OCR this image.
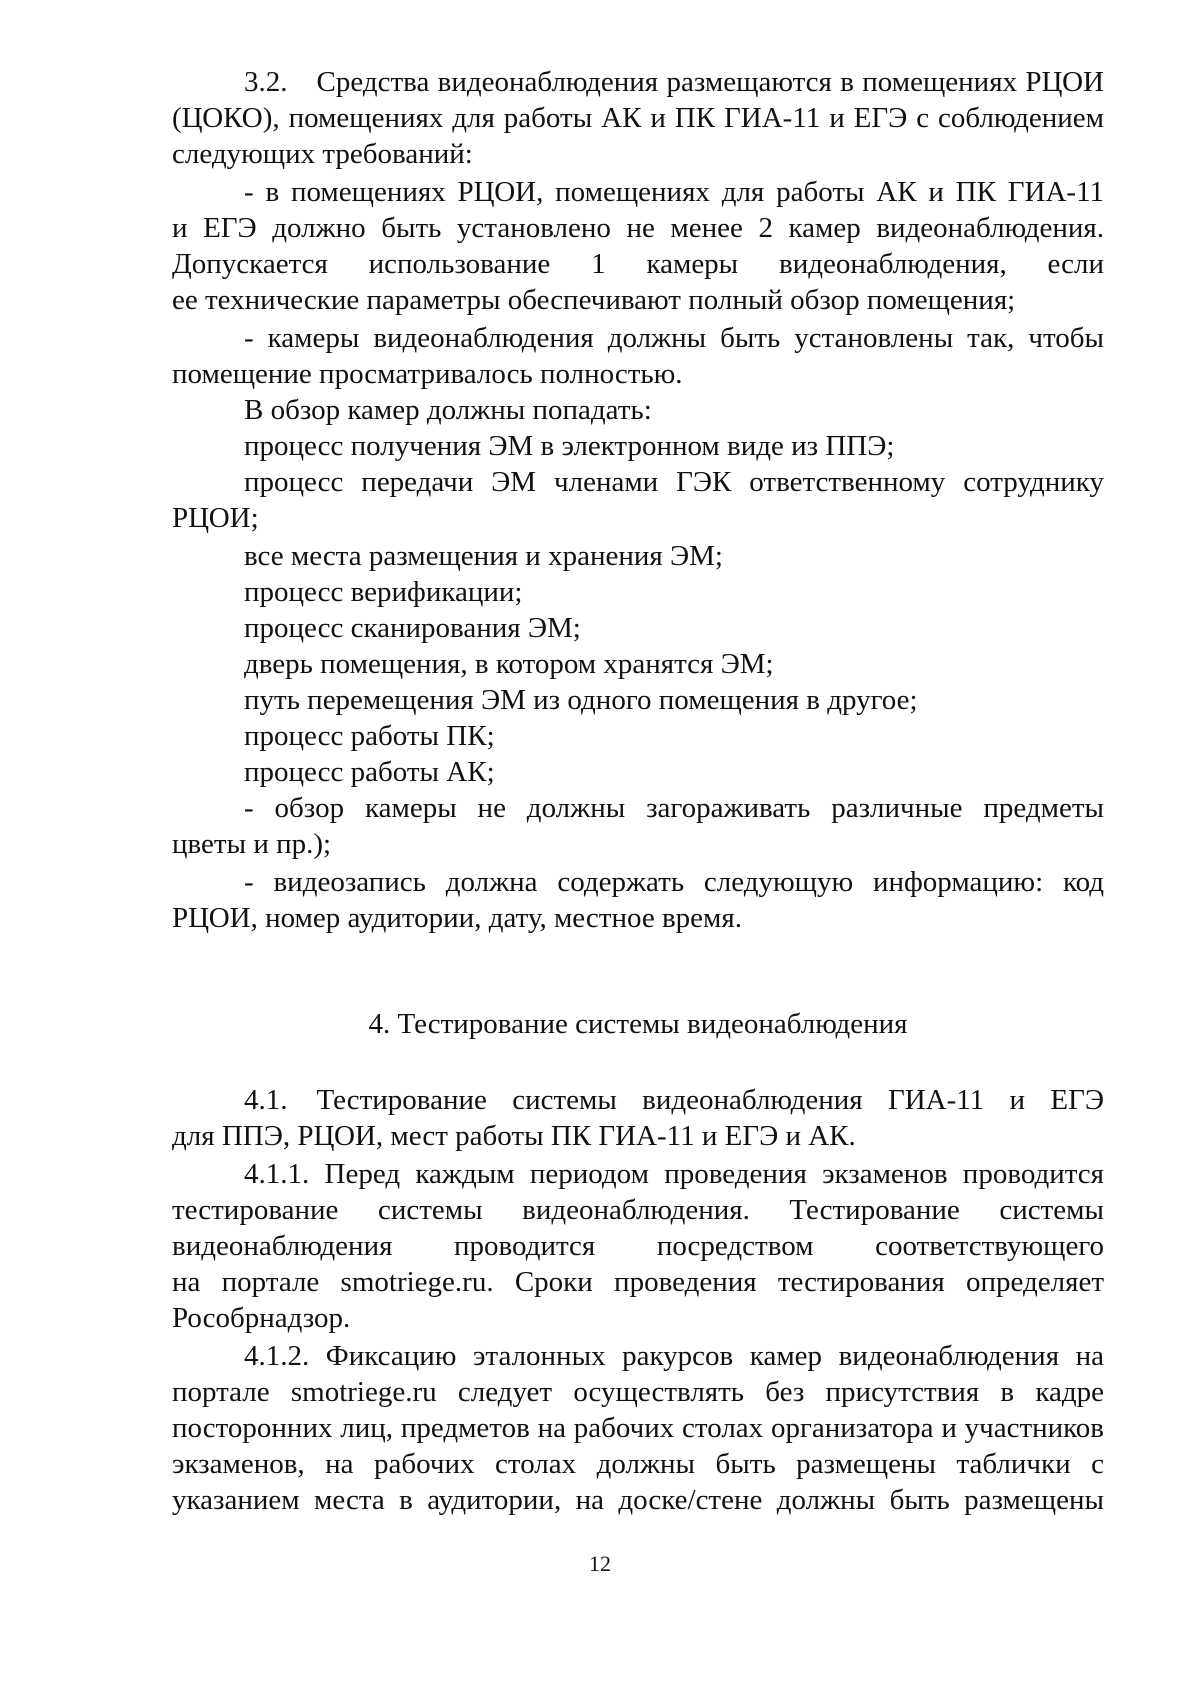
3.2. Средства видеонаблюдения размещаются в помещениях РЦОИ
(ЦОКО), помещениях для работы АК и ПК ГИА-11 и ЕГЭ с соблюдением
следующих требований:
- в помещениях РЦОИ, помещениях для работы АК и ПК ГИА-11
и ЕГЭ должно быть установлено не менее 2 камер видеонаблюдения.
Допускается использование 1 камеры видеонаблюдения, если
ее технические параметры обеспечивают полный обзор помещения;
- камеры видеонаблюдения должны быть установлены так, чтобы
помещение просматривалось полностью.
В обзор камер должны попадать:
процесс получения ЭМ в электронном виде из ППЭ;
процесс передачи ЭМ членами ГЭК ответственному сотруднику
РЦОИ;
все места размещения и хранения ЭМ;
процесс верификации;
процесс сканирования ЭМ;
дверь помещения, в котором хранятся ЭМ;
путь перемещения ЭМ из одного помещения в другое;
процесс работы ПК;
процесс работы АК;
- обзор камеры не должны загораживать различные предметы
цветы и пр.);
- видеозапись должна содержать следующую информацию: код
РЦОИ, номер аудитории, дату, местное время.
4. Тестирование системы видеонаблюдения
4.1. Тестирование системы видеонаблюдения ГИА-11 и ЕГЭ
для ППЭ, РЦОИ, мест работы ПК ГИА-11 и ЕГЭ и АК.
4.1.1. Перед каждым периодом проведения экзаменов проводится
тестирование системы видеонаблюдения. Тестирование системы
видеонаблюдения проводится посредством соответствующего
на портале smotriege.ru. Сроки проведения тестирования определяет
Рособрнадзор.
4.1.2. Фиксацию эталонных ракурсов камер видеонаблюдения на
портале smotriege.ru следует осуществлять без присутствия в кадре
посторонних лиц, предметов на рабочих столах организатора и участников
экзаменов, на рабочих столах должны быть размещены таблички с
указанием места в аудитории, на доске/стене должны быть размещены
12
